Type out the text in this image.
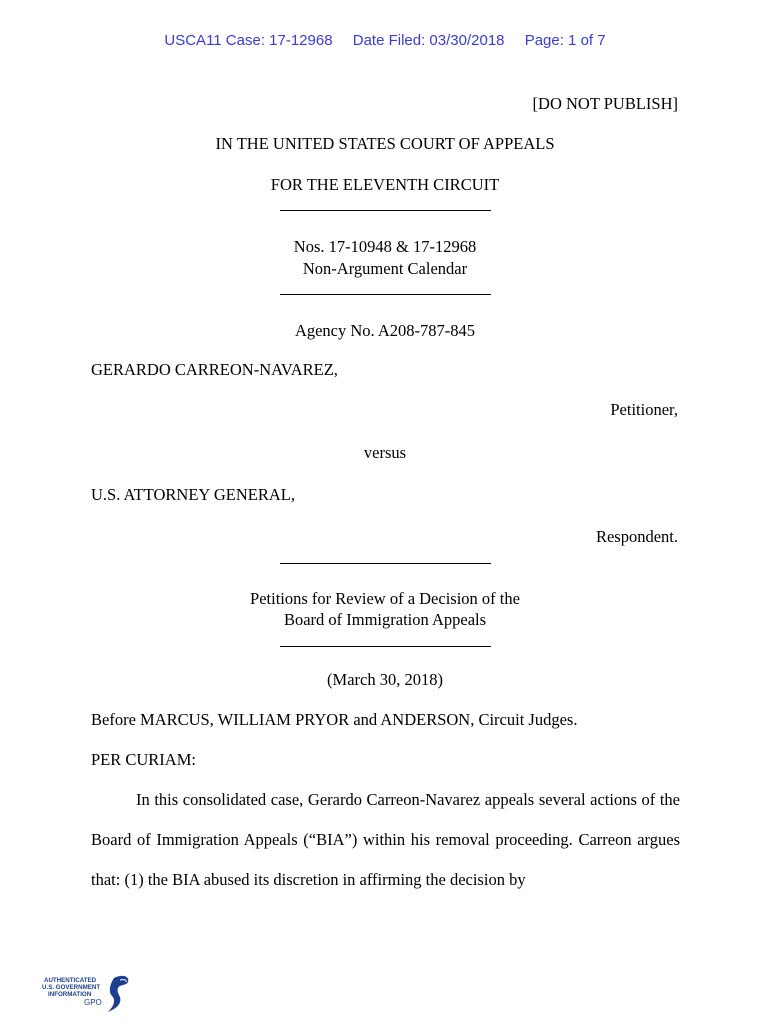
USCA11 Case: 17-12968 Date Filed: 03/30/2018 Page: 1 of 7
[DO NOT PUBLISH]
IN THE UNITED STATES COURT OF APPEALS
FOR THE ELEVENTH CIRCUIT
Nos. 17-10948 & 17-12968
Non-Argument Calendar
Agency No. A208-787-845
GERARDO CARREON-NAVAREZ,
Petitioner,
versus
U.S. ATTORNEY GENERAL,
Respondent.
Petitions for Review of a Decision of the
Board of Immigration Appeals
(March 30, 2018)
Before MARCUS, WILLIAM PRYOR and ANDERSON, Circuit Judges.
PER CURIAM:
In this consolidated case, Gerardo Carreon-Navarez appeals several actions of the Board of Immigration Appeals (“BIA”) within his removal proceeding. Carreon argues that: (1) the BIA abused its discretion in affirming the decision by
AUTHENTICATED
U.S. GOVERNMENT
INFORMATION
GPO
